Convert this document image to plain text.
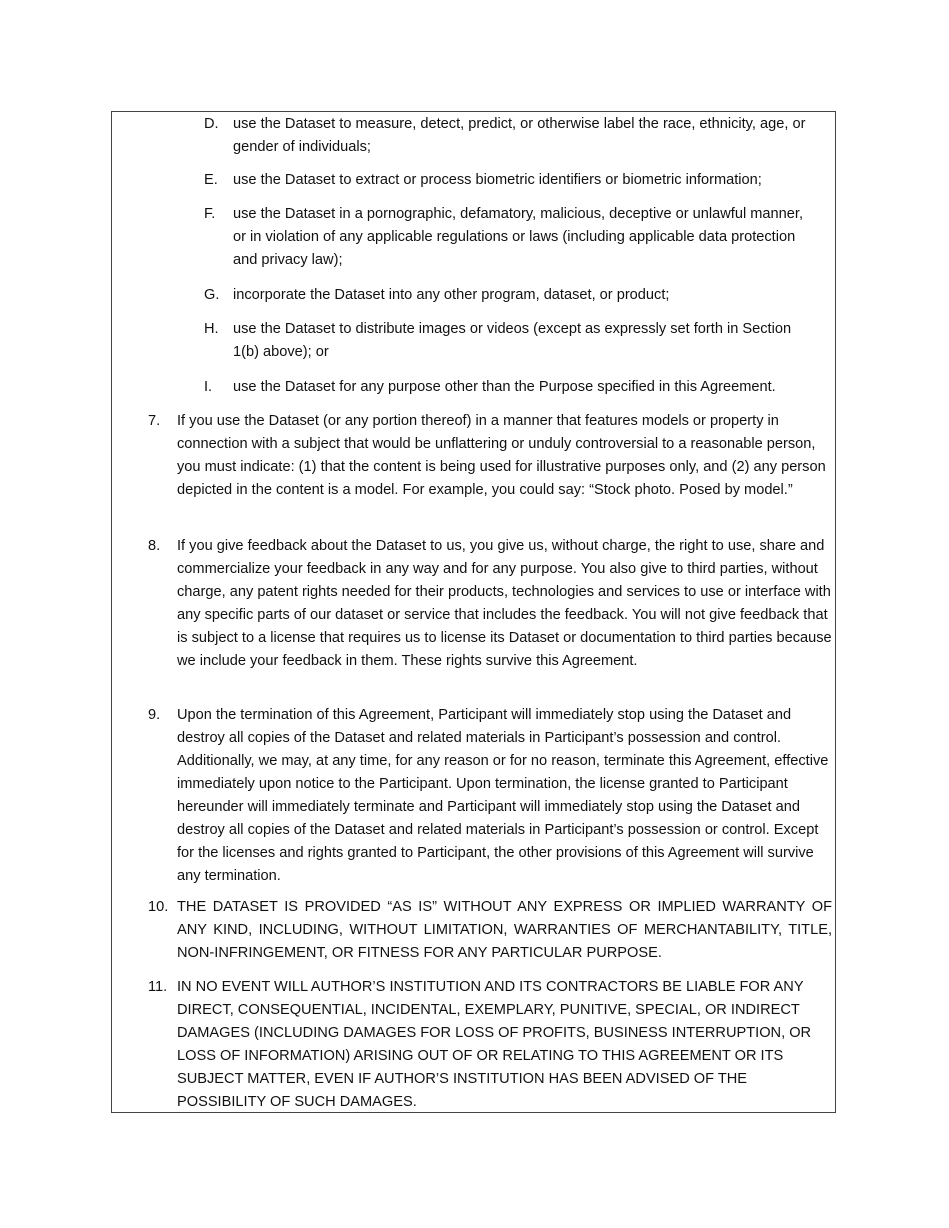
D. use the Dataset to measure, detect, predict, or otherwise label the race, ethnicity, age, or gender of individuals;
E. use the Dataset to extract or process biometric identifiers or biometric information;
F. use the Dataset in a pornographic, defamatory, malicious, deceptive or unlawful manner, or in violation of any applicable regulations or laws (including applicable data protection and privacy law);
G. incorporate the Dataset into any other program, dataset, or product;
H. use the Dataset to distribute images or videos (except as expressly set forth in Section 1(b) above); or
I. use the Dataset for any purpose other than the Purpose specified in this Agreement.
7. If you use the Dataset (or any portion thereof) in a manner that features models or property in connection with a subject that would be unflattering or unduly controversial to a reasonable person, you must indicate: (1) that the content is being used for illustrative purposes only, and (2) any person depicted in the content is a model. For example, you could say: “Stock photo. Posed by model.”
8. If you give feedback about the Dataset to us, you give us, without charge, the right to use, share and commercialize your feedback in any way and for any purpose. You also give to third parties, without charge, any patent rights needed for their products, technologies and services to use or interface with any specific parts of our dataset or service that includes the feedback. You will not give feedback that is subject to a license that requires us to license its Dataset or documentation to third parties because we include your feedback in them. These rights survive this Agreement.
9. Upon the termination of this Agreement, Participant will immediately stop using the Dataset and destroy all copies of the Dataset and related materials in Participant’s possession and control. Additionally, we may, at any time, for any reason or for no reason, terminate this Agreement, effective immediately upon notice to the Participant. Upon termination, the license granted to Participant hereunder will immediately terminate and Participant will immediately stop using the Dataset and destroy all copies of the Dataset and related materials in Participant’s possession or control. Except for the licenses and rights granted to Participant, the other provisions of this Agreement will survive any termination.
10. THE DATASET IS PROVIDED “AS IS” WITHOUT ANY EXPRESS OR IMPLIED WARRANTY OF ANY KIND, INCLUDING, WITHOUT LIMITATION, WARRANTIES OF MERCHANTABILITY, TITLE, NON-INFRINGEMENT, OR FITNESS FOR ANY PARTICULAR PURPOSE.
11. IN NO EVENT WILL AUTHOR’S INSTITUTION AND ITS CONTRACTORS BE LIABLE FOR ANY DIRECT, CONSEQUENTIAL, INCIDENTAL, EXEMPLARY, PUNITIVE, SPECIAL, OR INDIRECT DAMAGES (INCLUDING DAMAGES FOR LOSS OF PROFITS, BUSINESS INTERRUPTION, OR LOSS OF INFORMATION) ARISING OUT OF OR RELATING TO THIS AGREEMENT OR ITS SUBJECT MATTER, EVEN IF AUTHOR’S INSTITUTION HAS BEEN ADVISED OF THE POSSIBILITY OF SUCH DAMAGES.
